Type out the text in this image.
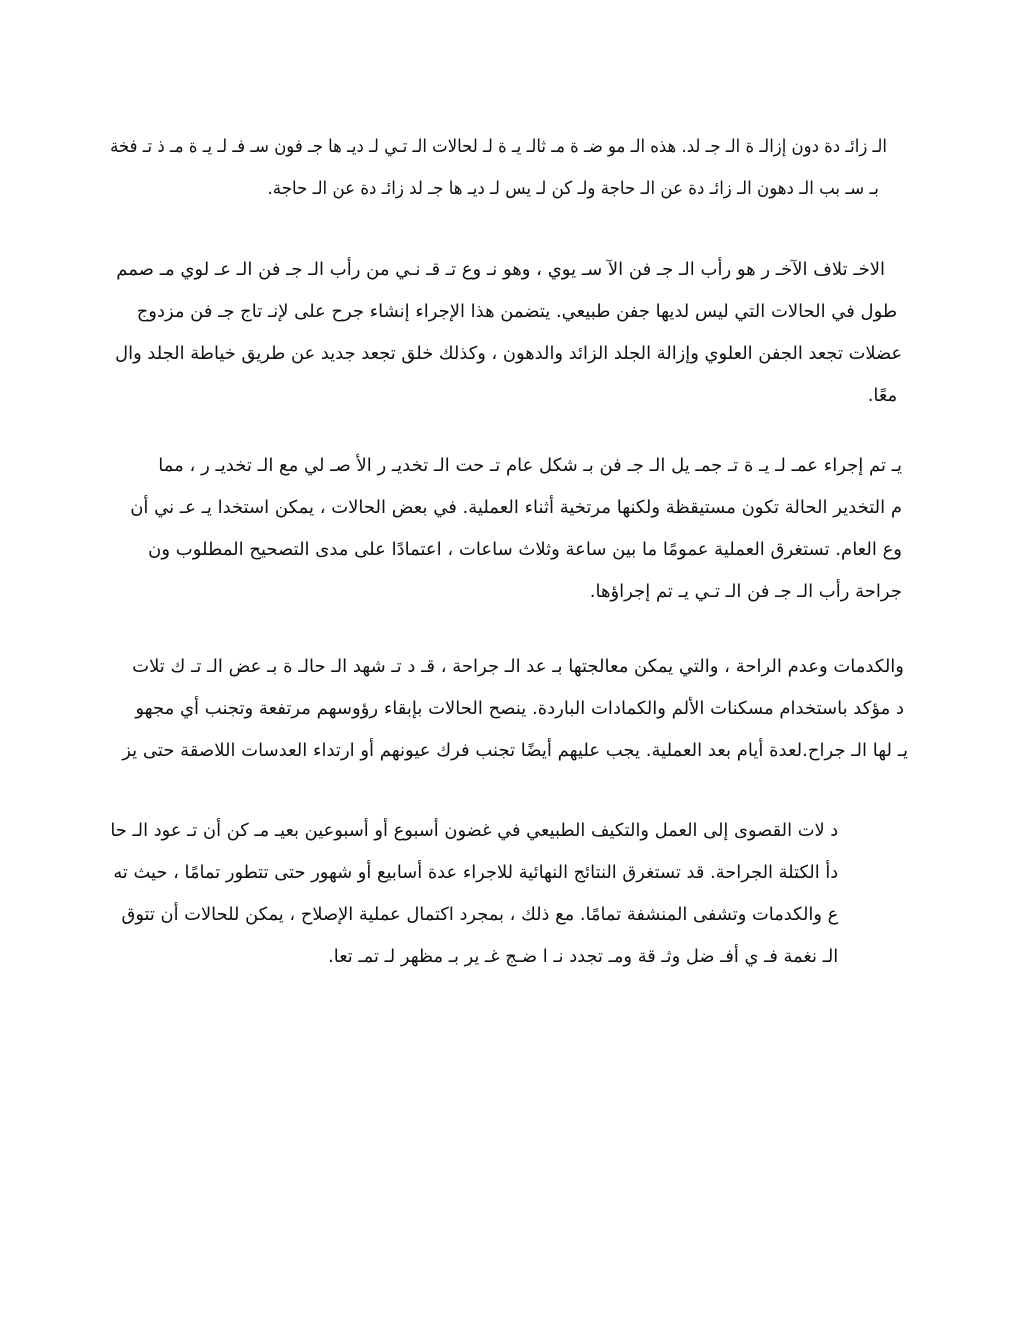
الـ زائـ دة دون إزالـ ة الـ جـ لد. هذه الـ مو ضـ ة مـ ثالـ يـ ة لـ لحالات الـ تـي لـ ديـ ها جـ فون سـ فـ لـ يـ ة مـ ذ تـ فخة
بـ سـ بب الـ دهون الـ زائـ دة عن الـ حاجة ولـ كن لـ يس لـ ديـ ها جـ لد زائـ دة عن الـ حاجة.
الاخـ تلاف الآخـ ر هو رأب الـ جـ فن الآ سـ يوي ، وهو نـ وع تـ قـ نـي من رأب الـ جـ فن الـ عـ لوي مـ صمم
طول في الحالات التي ليس لديها جفن طبيعي. يتضمن هذا الإجراء إنشاء جرح على لإنـ تاج جـ فن مزدوج
عضلات تجعد الجفن العلوي وإزالة الجلد الزائد والدهون ، وكذلك خلق تجعد جديد عن طريق خياطة الجلد وال
معًا.
يـ تم إجراء عمـ لـ يـ ة تـ جمـ يل الـ جـ فن بـ شكل عام تـ حت الـ تخديـ ر الأ صـ لي مع الـ تخديـ ر ، مما
م التخدير الحالة تكون مستيقظة ولكنها مرتخية أثناء العملية. في بعض الحالات ، يمكن استخدا يـ عـ ني أن
وع العام. تستغرق العملية عمومًا ما بين ساعة وثلاث ساعات ، اعتمادًا على مدى التصحيح المطلوب ون
جراحة رأب الـ جـ فن الـ تـي يـ تم إجراؤها.
والكدمات وعدم الراحة ، والتي يمكن معالجتها بـ عد الـ جراحة ، قـ د تـ شهد الـ حالـ ة بـ عض الـ تـ ك تلات
د مؤكد باستخدام مسكنات الألم والكمادات الباردة. ينصح الحالات بإبقاء رؤوسهم مرتفعة وتجنب أي مجهو
يـ لها الـ جراح.لعدة أيام بعد العملية. يجب عليهم أيضًا تجنب فرك عيونهم أو ارتداء العدسات اللاصقة حتى يز
د لات القصوى إلى العمل والتكيف الطبيعي في غضون أسبوع أو أسبوعين بعيـ مـ كن أن تـ عود الـ حا
دأ الكتلة الجراحة. قد تستغرق النتائج النهائية للاجراء عدة أسابيع أو شهور حتى تتطور تمامًا ، حيث ته
ع والكدمات وتشفى المنشفة تمامًا. مع ذلك ، بمجرد اكتمال عملية الإصلاح ، يمكن للحالات أن تتوق
الـ نغمة فـ ي أفـ ضل وثـ قة ومـ تجدد نـ ا ضـج غـ ير بـ مظهر لـ تمـ تعا.
